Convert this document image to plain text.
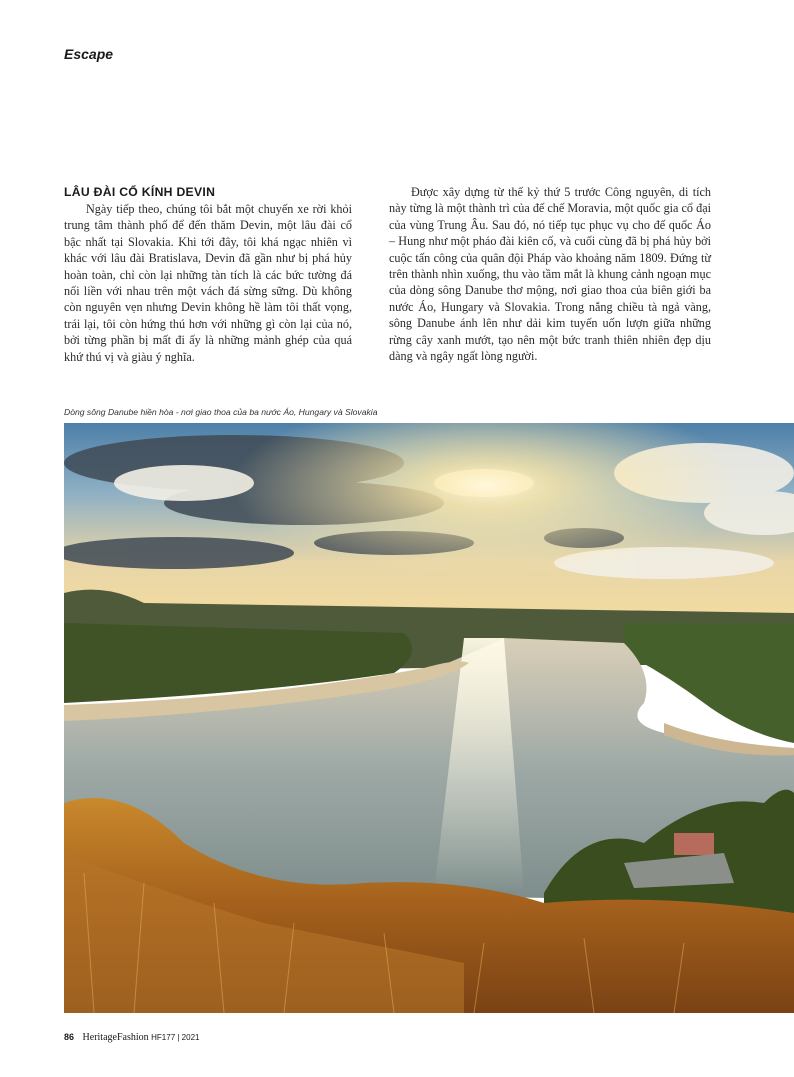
Escape
LÂU ĐÀI CỔ KÍNH DEVIN

Ngày tiếp theo, chúng tôi bắt một chuyến xe rời khỏi trung tâm thành phố để đến thăm Devin, một lâu đài cổ bậc nhất tại Slovakia. Khi tới đây, tôi khá ngạc nhiên vì khác với lâu đài Bratislava, Devin đã gần như bị phá hủy hoàn toàn, chỉ còn lại những tàn tích là các bức tường đá nối liền với nhau trên một vách đá sừng sững. Dù không còn nguyên vẹn nhưng Devin không hề làm tôi thất vọng, trái lại, tôi còn hứng thú hơn với những gì còn lại của nó, bởi từng phần bị mất đi ấy là những mảnh ghép của quá khứ thú vị và giàu ý nghĩa.

Được xây dựng từ thế kỷ thứ 5 trước Công nguyên, di tích này từng là một thành trì của đế chế Moravia, một quốc gia cổ đại của vùng Trung Âu. Sau đó, nó tiếp tục phục vụ cho đế quốc Áo – Hung như một pháo đài kiên cố, và cuối cùng đã bị phá hủy bởi cuộc tấn công của quân đội Pháp vào khoảng năm 1809. Đứng từ trên thành nhìn xuống, thu vào tầm mắt là khung cảnh ngoạn mục của dòng sông Danube thơ mộng, nơi giao thoa của biên giới ba nước Áo, Hungary và Slovakia. Trong nắng chiều tà ngả vàng, sông Danube ánh lên như dải kim tuyến uốn lượn giữa những rừng cây xanh mướt, tạo nên một bức tranh thiên nhiên đẹp dịu dàng và ngây ngất lòng người.

Dòng sông Danube hiền hòa - nơi giao thoa của ba nước Áo, Hungary và Slovakia
86 HeritageFashion HF177 | 2021
